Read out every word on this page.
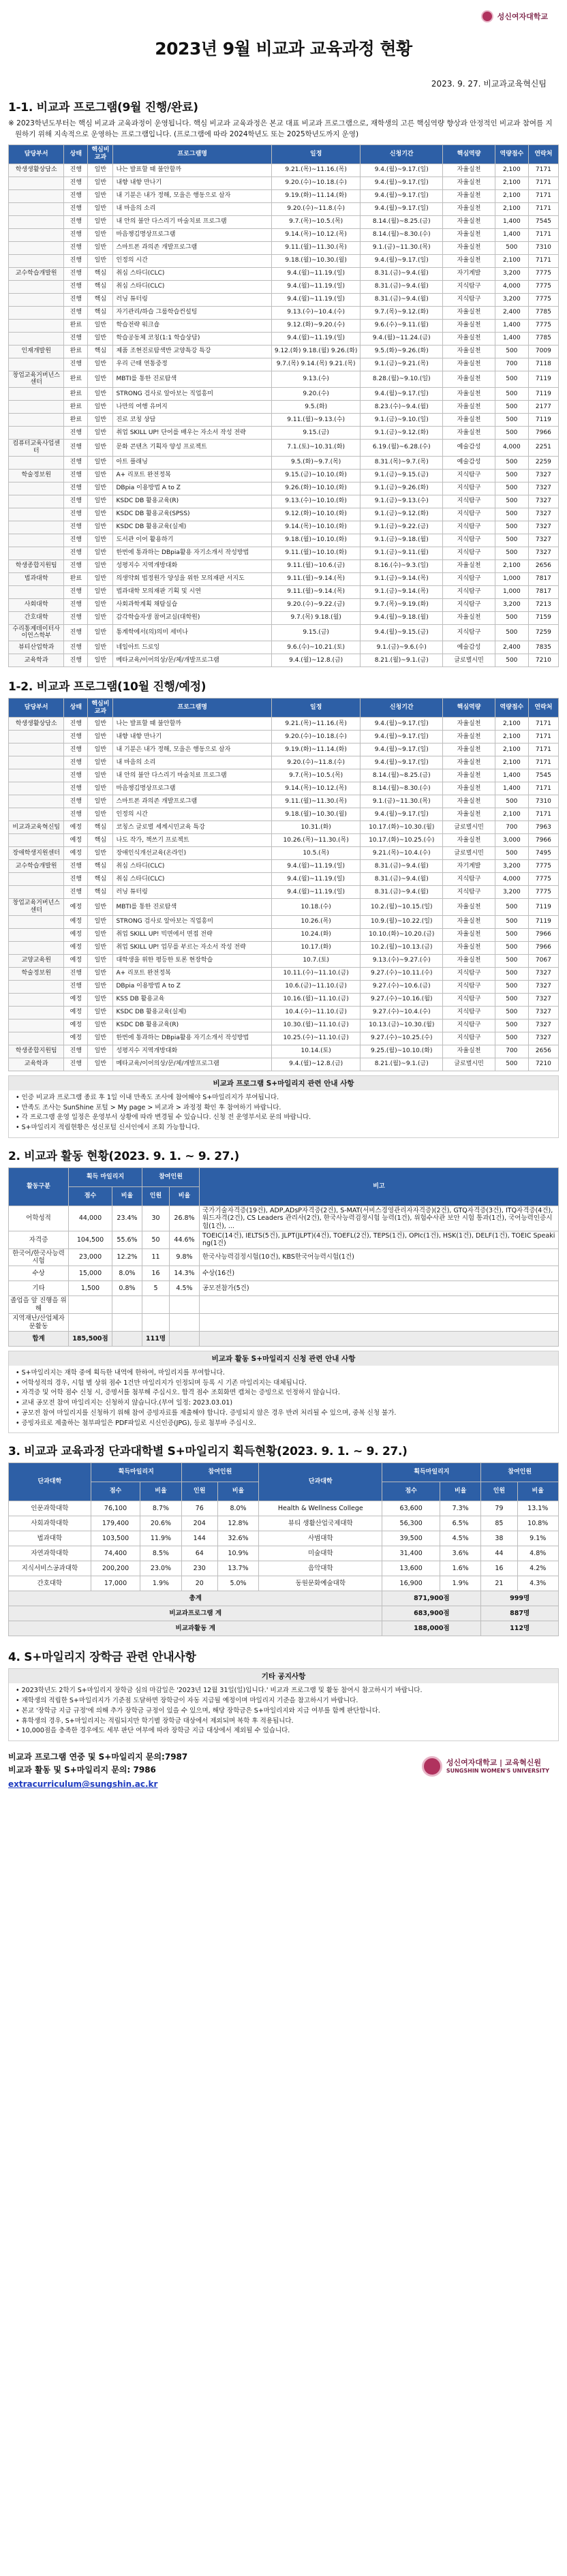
성신여자대학교
2023년 9월 비교과 교육과정 현황
2023. 9. 27. 비교과교육혁신팀
1-1. 비교과 프로그램(9월 진행/완료)
※ 2023학년도부터는 핵심 비교과 교육과정이 운영됩니다. 핵심 비교과 교육과정은 본교 대표 비교과 프로그램으로, 재학생의 고른 핵심역량 향상과 안정적인 비교과 참여를 지원하기 위해 지속적으로 운영하는 프로그램입니다. (프로그램에 따라 2024학년도 또는 2025학년도까지 운영)
담당부서	상태	핵심비교과	프로그램명	일정	신청기간	핵심역량	역량점수	연락처
학생생활상담소	진행	일반	나는 발표할 때 불안할까	9.21.(목)~11.16.(목)	9.4.(월)~9.17.(일)	자율실천	2,100	7171
	진행	일반	내향 내향 만나기	9.20.(수)~10.18.(수)	9.4.(월)~9.17.(일)	자율실천	2,100	7171
	진행	일반	내 기분은 내가 정해, 모을은 행동으로 살자	9.19.(화)~11.14.(화)	9.4.(월)~9.17.(일)	자율실천	2,100	7171
	진행	일반	내 마음의 소리	9.20.(수)~11.8.(수)	9.4.(월)~9.17.(일)	자율실천	2,100	7171
	진행	일반	내 안의 불안 다스리기 마술치료 프로그램	9.7.(목)~10.5.(목)	8.14.(월)~8.25.(금)	자율실천	1,400	7545
	진행	일반	마음챙김명상프로그램	9.14.(목)~10.12.(목)	8.14.(월)~8.30.(수)	자율실천	1,400	7171
	진행	일반	스마트폰 과의존 개발프로그램	9.11.(월)~11.30.(목)	9.1.(금)~11.30.(목)	자율실천	500	7310
	진행	일반	인정의 시간	9.18.(월)~10.30.(월)	9.4.(월)~9.17.(일)	자율실천	2,100	7171
교수학습개발원	진행	핵심	취심 스타디(CLC)	9.4.(월)~11.19.(일)	8.31.(금)~9.4.(월)	자기계발	3,200	7775
	진행	핵심	취심 스타디(CLC)	9.4.(월)~11.19.(일)	8.31.(금)~9.4.(월)	지식탐구	4,000	7775
	진행	핵심	러닝 튜터링	9.4.(월)~11.19.(일)	8.31.(금)~9.4.(월)	지식탐구	3,200	7775
	진행	핵심	자기관리/하습 그룹학습컨설팅	9.13.(수)~10.4.(수)	9.7.(목)~9.12.(화)	자율실천	2,400	7785
	완료	일반	학습전략 워크숍	9.12.(화)~9.20.(수)	9.6.(수)~9.11.(월)	자율실천	1,400	7775
	진행	일반	학습공동체 코칭(1:1 학습상담)	9.4.(월)~11.19.(일)	9.4.(월)~11.24.(금)	자율실천	1,400	7785
인재개발원	완료	핵심	제품 조현진로탐색반 교양특강 특강	9.12.(화) 9.18.(월) 9.26.(화)	9.5.(화)~9.26.(화)	자율실천	500	7009
	진행	일반	우리 근태 연통중정	9.7.(목) 9.14.(목) 9.21.(목)	9.1.(금)~9.21.(목)	자율실천	700	7118
창업교육거버넌스센터	완료	일반	MBTI를 통한 진로탐색	9.13.(수)	8.28.(월)~9.10.(일)	자율실천	500	7119
	완료	일반	STRONG 검사로 알아보는 직업흥미	9.20.(수)	9.4.(월)~9.17.(일)	자율실천	500	7119
	완료	일반	나만의 여행 유머지	9.5.(화)	8.23.(수)~9.4.(월)	자율실천	500	2177
	완료	일반	진로 코칭 상담	9.11.(월)~9.13.(수)	9.1.(금)~9.10.(일)	자율실천	500	7119
	진행	일반	취업 SKILL UP! 단어를 배우는 자소서 작성 전략	9.15.(금)	9.1.(금)~9.12.(화)	자율실천	500	7966
컴퓨터교육사업센터	진행	일반	문화 콘텐츠 기획자 양성 프로젝트	7.1.(토)~10.31.(화)	6.19.(월)~6.28.(수)	예술감성	4,000	2251
	진행	일반	아트 플래닝	9.5.(화)~9.7.(목)	8.31.(목)~9.7.(목)	예술감성	500	2259
학술정보원	진행	일반	A+ 리포트 완전정복	9.15.(금)~10.10.(화)	9.1.(금)~9.15.(금)	지식탐구	500	7327
	진행	일반	DBpia 이용방법 A to Z	9.26.(화)~10.10.(화)	9.1.(금)~9.26.(화)	지식탐구	500	7327
	진행	일반	KSDC DB 활용교육(R)	9.13.(수)~10.10.(화)	9.1.(금)~9.13.(수)	지식탐구	500	7327
	진행	일반	KSDC DB 활용교육(SPSS)	9.12.(화)~10.10.(화)	9.1.(금)~9.12.(화)	지식탐구	500	7327
	진행	일반	KSDC DB 활용교육(실제)	9.14.(목)~10.10.(화)	9.1.(금)~9.22.(금)	지식탐구	500	7327
	진행	일반	도서관 이어 활용하기	9.18.(월)~10.10.(화)	9.1.(금)~9.18.(월)	지식탐구	500	7327
	진행	일반	한번에 통과하는 DBpia활용 자기소개서 작성방법	9.11.(월)~10.10.(화)	9.1.(금)~9.11.(월)	지식탐구	500	7327
학생종합지원팀	진행	일반	성평지수 지역개방대화	9.11.(월)~10.6.(금)	8.16.(수)~9.3.(일)	자율실천	2,100	2656
법과대학	완료	일반	의생약회 법정원가 양성을 위한 모의재판 서지도	9.11.(월)~9.14.(목)	9.1.(금)~9.14.(목)	지식탐구	1,000	7817
	진행	일반	법과대학 모의재판 기획 및 시연	9.11.(월)~9.14.(목)	9.1.(금)~9.14.(목)	지식탐구	1,000	7817
사회대학	진행	일반	사회과학계획 채탐실습	9.20.(수)~9.22.(금)	9.7.(목)~9.19.(화)	지식탐구	3,200	7213
간호대학	진행	일반	감각학습자생 참여교실(대학원)	9.7.(목) 9.18.(월)	9.4.(월)~9.18.(월)	자율실천	500	7159
수리통계데이터사이언스학부	진행	일반	통계학에서(의)의미 세미나	9.15.(금)	9.4.(월)~9.15.(금)	지식탐구	500	7259
뷰티산업학과	진행	일반	네일아트 드로잉	9.6.(수)~10.21.(토)	9.1.(금)~9.6.(수)	예술감성	2,400	7835
교육학과	진행	일반	메타교육/이어의상/문/체/개발프로그램	9.4.(월)~12.8.(금)	8.21.(월)~9.1.(금)	글로벌시민	500	7210
1-2. 비교과 프로그램(10월 진행/예정)
담당부서	상태	핵심비교과	프로그램명	일정	신청기간	핵심역량	역량점수	연락처
학생생활상담소	진행	일반	나는 발표할 때 불안할까	9.21.(목)~11.16.(목)	9.4.(월)~9.17.(일)	자율실천	2,100	7171
	진행	일반	내향 내향 만나기	9.20.(수)~10.18.(수)	9.4.(월)~9.17.(일)	자율실천	2,100	7171
	진행	일반	내 기분은 내가 정해, 모을은 행동으로 살자	9.19.(화)~11.14.(화)	9.4.(월)~9.17.(일)	자율실천	2,100	7171
	진행	일반	내 마음의 소리	9.20.(수)~11.8.(수)	9.4.(월)~9.17.(일)	자율실천	2,100	7171
	진행	일반	내 안의 불안 다스리기 마술치료 프로그램	9.7.(목)~10.5.(목)	8.14.(월)~8.25.(금)	자율실천	1,400	7545
	진행	일반	마음챙김명상프로그램	9.14.(목)~10.12.(목)	8.14.(월)~8.30.(수)	자율실천	1,400	7171
	진행	일반	스마트폰 과의존 개발프로그램	9.11.(월)~11.30.(목)	9.1.(금)~11.30.(목)	자율실천	500	7310
	진행	일반	인정의 시간	9.18.(월)~10.30.(월)	9.4.(월)~9.17.(일)	자율실천	2,100	7171
비교과교육혁신팀	예정	핵심	코칭스 글로벌 세계시민교육 특강	10.31.(화)	10.17.(화)~10.30.(월)	글로벌시민	700	7963
	예정	핵심	나도 작가, 책쓰기 프로젝트	10.26.(목)~11.30.(목)	10.17.(화)~10.25.(수)	자율실천	3,000	7966
장애학생지원센터	예정	일반	장애인식개선교육(온라인)	10.5.(목)	9.21.(목)~10.4.(수)	글로벌시민	500	7495
교수학습개발원	진행	핵심	취심 스타디(CLC)	9.4.(월)~11.19.(일)	8.31.(금)~9.4.(월)	자기계발	3,200	7775
	진행	핵심	취심 스타디(CLC)	9.4.(월)~11.19.(일)	8.31.(금)~9.4.(월)	지식탐구	4,000	7775
	진행	핵심	러닝 튜터링	9.4.(월)~11.19.(일)	8.31.(금)~9.4.(월)	지식탐구	3,200	7775
창업교육거버넌스센터	예정	일반	MBTI를 통한 진로탐색	10.18.(수)	10.2.(월)~10.15.(일)	자율실천	500	7119
	예정	일반	STRONG 검사로 알아보는 직업흥미	10.26.(목)	10.9.(월)~10.22.(일)	자율실천	500	7119
	예정	일반	취업 SKILL UP! 빅면에서 면접 전략	10.24.(화)	10.10.(화)~10.20.(금)	자율실천	500	7966
	예정	일반	취업 SKILL UP! 업무를 부르는 자소서 작성 전략	10.17.(화)	10.2.(월)~10.13.(금)	자율실천	500	7966
교양교육원	예정	일반	대학생을 위한 평등한 토론 현장학습	10.7.(토)	9.13.(수)~9.27.(수)	자율실천	500	7067
학술정보원	진행	일반	A+ 리포트 완전정복	10.11.(수)~11.10.(금)	9.27.(수)~10.11.(수)	지식탐구	500	7327
	진행	일반	DBpia 이용방법 A to Z	10.6.(금)~11.10.(금)	9.27.(수)~10.6.(금)	지식탐구	500	7327
	예정	일반	KSS DB 활용교육	10.16.(월)~11.10.(금)	9.27.(수)~10.16.(월)	지식탐구	500	7327
	예정	일반	KSDC DB 활용교육(실제)	10.4.(수)~11.10.(금)	9.27.(수)~10.4.(수)	지식탐구	500	7327
	예정	일반	KSDC DB 활용교육(R)	10.30.(월)~11.10.(금)	10.13.(금)~10.30.(월)	지식탐구	500	7327
	예정	일반	한번에 통과하는 DBpia활용 자기소개서 작성방법	10.25.(수)~11.10.(금)	9.27.(수)~10.25.(수)	지식탐구	500	7327
학생종합지원팀	진행	일반	성평지수 지역개방대화	10.14.(토)	9.25.(월)~10.10.(화)	자율실천	700	2656
교육학과	진행	일반	메타교육/이어의상/문/체/개발프로그램	9.4.(월)~12.8.(금)	8.21.(월)~9.1.(금)	글로벌시민	500	7210
비교과 프로그램 S+마일리지 관련 안내 사항
• 인증 비교과 프로그램 종료 후 1일 이내 만족도 조사에 참여해야 S+마일리지가 부여됩니다.
• 만족도 조사는 SunShine 포털 > My page > 비교과 > 과정정 확인 후 참여하기 바랍니다.
• 각 프로그램 운영 일정은 운영부서 상황에 따라 변경될 수 있습니다. 신청 전 운영부서로 문의 바랍니다.
• S+마일리지 적립현황은 성신포털 신서인에서 조회 가능합니다.
2. 비교과 활동 현황(2023. 9. 1. ~ 9. 27.)
활동구분	획득 마일리지		참여인원		비고
	점수	비율	인원	비율	
어학성적	44,000	23.4%	30	26.8%	국가기술자격증(19건), ADP,ADsP자격증(2건), S-MAT(서비스경영관리자자격증)(2건), GTQ자격증(3건), ITQ자격증(4건), 워드자격(2건), CS Leaders 관리사(2건), 한국사능력검정시험 능력(1건), 위험수사관 보안 시험 통과(1건), 국어능력인증시험(1건), ...
자격증	104,500	55.6%	50	44.6%	TOEIC(14건), IELTS(5건), JLPT(JLPT)(4건), TOEFL(2건), TEPS(1건), OPIc(1건), HSK(1건), DELF(1건), TOEIC Speaking(1건)
한국어/한국사능력시험	23,000	12.2%	11	9.8%	한국사능력검정시험(10건), KBS한국어능력시험(1건)
수상	15,000	8.0%	16	14.3%	수상(16건)
기타	1,500	0.8%	5	4.5%	공모전참가(5건)
졸업을 앞 진행을 위해					
지역재난/산업체자문활동					
합계	185,500점		111명		
비교과 활동 S+마일리지 신청 관련 안내 사항
• S+마일리지는 재학 중에 획득한 내역에 한하여, 마일리지를 부여합니다.
• 어학성적의 경우, 시험 별 상위 점수 1건만 마일리지가 인정되며 등록 시 기존 마일리지는 대체됩니다.
• 자격증 및 어학 점수 신청 시, 증명서를 첨부해 주십시오. 합격 점수 조회화면 캡쳐는 증빙으로 인정하지 않습니다.
• 교내 공모전 참여 마일리지는 신청하지 않습니다.(부여 일정: 2023.03.01)
• 공모전 참여 마일리지를 신청하기 위해 참여 증빙자료를 제출해야 합니다. 증빙되지 않은 경우 반려 처리될 수 있으며, 중복 신청 불가.
• 증빙자료로 제출하는 첨부파일은 PDF파일로 시신인증(JPG), 등로 첨부바 주십시오.
3. 비교과 교육과정 단과대학별 S+마일리지 획득현황(2023. 9. 1. ~ 9. 27.)
단과대학	획득마일리지		참여인원		단과대학	획득마일리지		참여인원	
	점수	비율	인원	비율		점수	비율	인원	비율
인문과학대학	76,100	8.7%	76	8.0%	Health & Wellness College	63,600	7.3%	79	13.1%
사회과학대학	179,400	20.6%	204	12.8%	뷰티 생활산업국제대학	56,300	6.5%	85	10.8%
법과대학	103,500	11.9%	144	32.6%	사범대학	39,500	4.5%	38	9.1%
자연과학대학	74,400	8.5%	64	10.9%	미술대학	31,400	3.6%	44	4.8%
지식서비스공과대학	200,200	23.0%	230	13.7%	음악대학	13,600	1.6%	16	4.2%
간호대학	17,000	1.9%	20	5.0%	동원문화예술대학	16,900	1.9%	21	4.3%
총계						871,900점		999명	
비교과프로그램 계						683,900점		887명	
비교과활동 계						188,000점		112명	
4. S+마일리지 장학금 관련 안내사항
기타 공지사항
• 2023학년도 2학기 S+마일리지 장학금 심의 마감일은 '2023년 12월 31일(일)입니다.' 비교과 프로그램 및 활동 참여시 참고하시기 바랍니다.
• 재학생의 적립한 S+마일리지가 기준점 도달하면 장학금이 자동 지급될 예정이며 마일리지 기준을 참고하시기 바랍니다.
• 본교 '장학금 지급 규정'에 의해 추가 장학금 규정이 있을 수 있으며, 해당 장학금은 S+마일리지와 지급 여부를 함께 판단합니다.
• 휴학생의 경우, S+마일리지는 적립되지만 학기별 장학금 대상에서 제외되며 복학 후 적용됩니다.
• 10,000점을 충족한 경우에도 세부 판단 여부에 따라 장학금 지급 대상에서 제외될 수 있습니다.
비교과 프로그램 연중 및 S+마일리지 문의:7987
비교과 활동 및 S+마일리지 문의: 7986
extracurriculum@sungshin.ac.kr
성신여자대학교 | 교육혁신원
SUNGSHIN WOMEN'S UNIVERSITY
